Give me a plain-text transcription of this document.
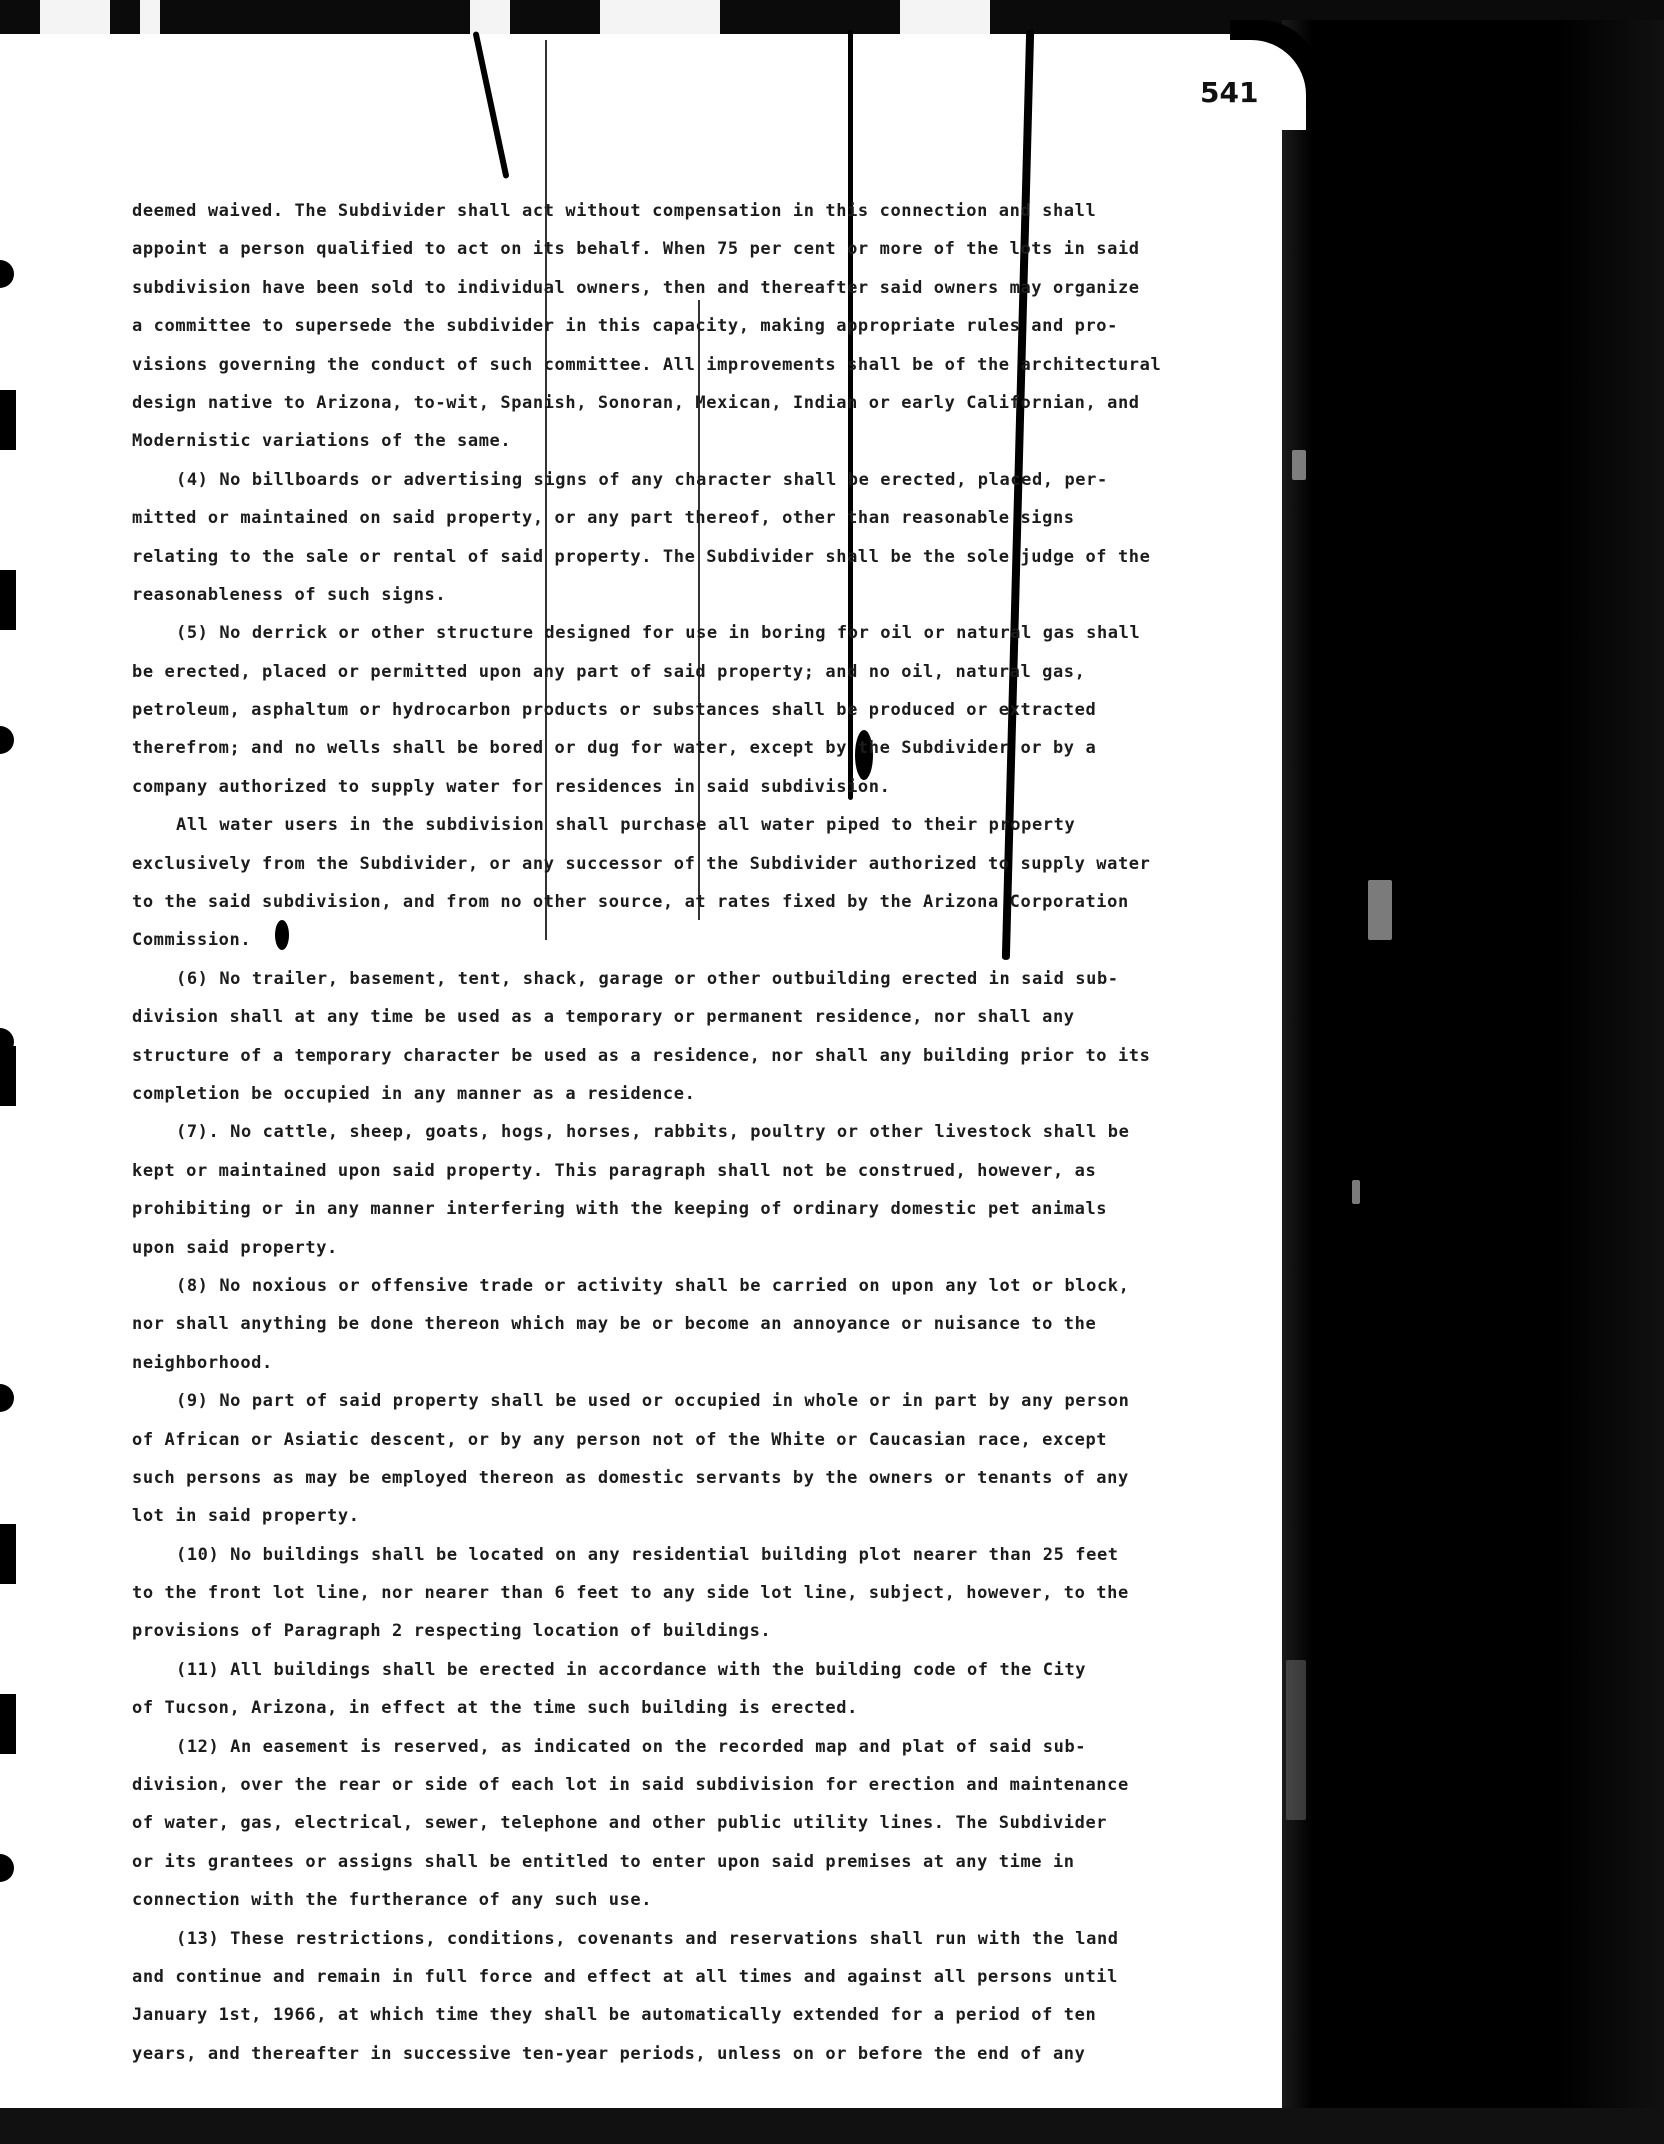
541
deemed waived. The Subdivider shall act without compensation in this connection and shall
appoint a person qualified to act on its behalf. When 75 per cent or more of the lots in said
subdivision have been sold to individual owners, then and thereafter said owners may organize
a committee to supersede the subdivider in this capacity, making appropriate rules and pro-
visions governing the conduct of such committee. All improvements shall be of the architectural
design native to Arizona, to-wit, Spanish, Sonoran, Mexican, Indian or early Californian, and
Modernistic variations of the same.
(4) No billboards or advertising signs of any character shall be erected, placed, per-
mitted or maintained on said property, or any part thereof, other than reasonable signs
relating to the sale or rental of said property. The Subdivider shall be the sole judge of the
reasonableness of such signs.
(5) No derrick or other structure designed for use in boring for oil or natural gas shall
be erected, placed or permitted upon any part of said property; and no oil, natural gas,
petroleum, asphaltum or hydrocarbon products or substances shall be produced or extracted
therefrom; and no wells shall be bored or dug for water, except by the Subdivider or by a
company authorized to supply water for residences in said subdivision.
All water users in the subdivision shall purchase all water piped to their property
exclusively from the Subdivider, or any successor of the Subdivider authorized to supply water
to the said subdivision, and from no other source, at rates fixed by the Arizona Corporation
Commission.
(6) No trailer, basement, tent, shack, garage or other outbuilding erected in said sub-
division shall at any time be used as a temporary or permanent residence, nor shall any
structure of a temporary character be used as a residence, nor shall any building prior to its
completion be occupied in any manner as a residence.
(7). No cattle, sheep, goats, hogs, horses, rabbits, poultry or other livestock shall be
kept or maintained upon said property. This paragraph shall not be construed, however, as
prohibiting or in any manner interfering with the keeping of ordinary domestic pet animals
upon said property.
(8) No noxious or offensive trade or activity shall be carried on upon any lot or block,
nor shall anything be done thereon which may be or become an annoyance or nuisance to the
neighborhood.
(9) No part of said property shall be used or occupied in whole or in part by any person
of African or Asiatic descent, or by any person not of the White or Caucasian race, except
such persons as may be employed thereon as domestic servants by the owners or tenants of any
lot in said property.
(10) No buildings shall be located on any residential building plot nearer than 25 feet
to the front lot line, nor nearer than 6 feet to any side lot line, subject, however, to the
provisions of Paragraph 2 respecting location of buildings.
(11) All buildings shall be erected in accordance with the building code of the City
of Tucson, Arizona, in effect at the time such building is erected.
(12) An easement is reserved, as indicated on the recorded map and plat of said sub-
division, over the rear or side of each lot in said subdivision for erection and maintenance
of water, gas, electrical, sewer, telephone and other public utility lines. The Subdivider
or its grantees or assigns shall be entitled to enter upon said premises at any time in
connection with the furtherance of any such use.
(13) These restrictions, conditions, covenants and reservations shall run with the land
and continue and remain in full force and effect at all times and against all persons until
January 1st, 1966, at which time they shall be automatically extended for a period of ten
years, and thereafter in successive ten-year periods, unless on or before the end of any
